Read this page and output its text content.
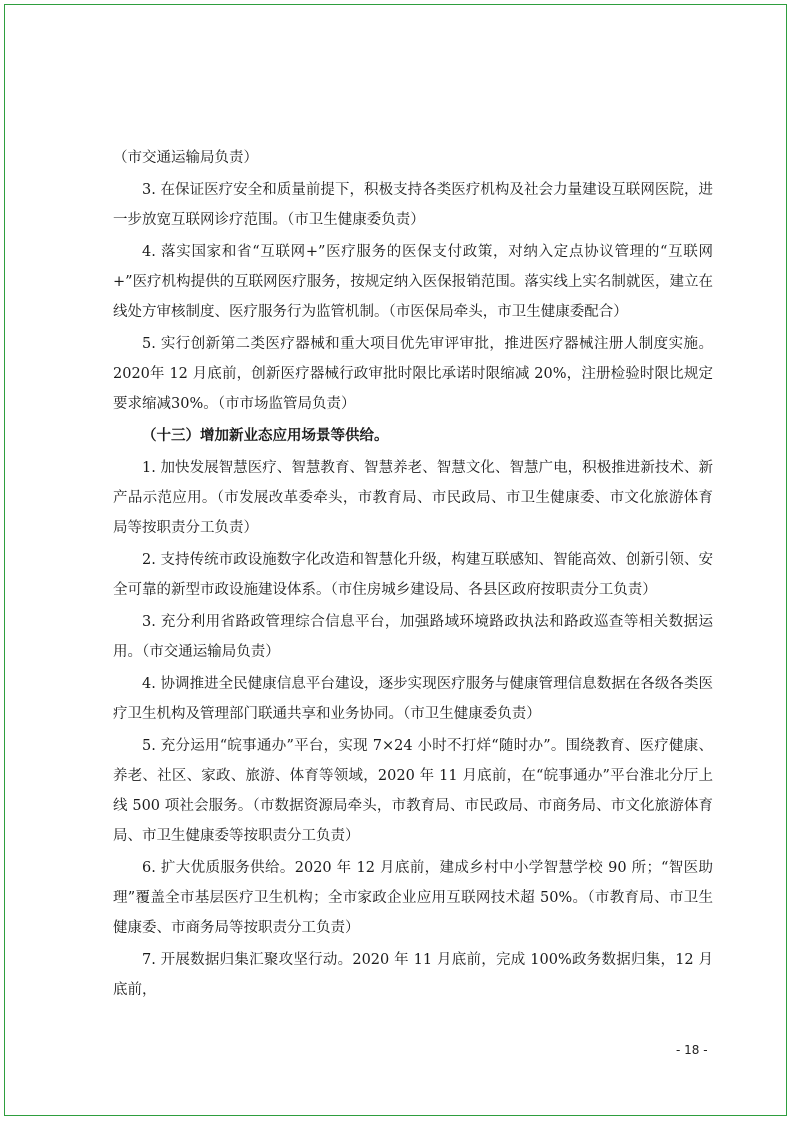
（市交通运输局负责）

3. 在保证医疗安全和质量前提下，积极支持各类医疗机构及社会力量建设互联网医院，进一步放宽互联网诊疗范围。（市卫生健康委负责）

4. 落实国家和省“互联网+”医疗服务的医保支付政策，对纳入定点协议管理的“互联网+”医疗机构提供的互联网医疗服务，按规定纳入医保报销范围。落实线上实名制就医，建立在线处方审核制度、医疗服务行为监管机制。（市医保局牵头，市卫生健康委配合）

5. 实行创新第二类医疗器械和重大项目优先审评审批，推进医疗器械注册人制度实施。2020年 12 月底前，创新医疗器械行政审批时限比承诺时限缩减 20%，注册检验时限比规定要求缩减30%。（市市场监管局负责）

（十三）增加新业态应用场景等供给。

1. 加快发展智慧医疗、智慧教育、智慧养老、智慧文化、智慧广电，积极推进新技术、新产品示范应用。（市发展改革委牵头，市教育局、市民政局、市卫生健康委、市文化旅游体育局等按职责分工负责）

2. 支持传统市政设施数字化改造和智慧化升级，构建互联感知、智能高效、创新引领、安全可靠的新型市政设施建设体系。（市住房城乡建设局、各县区政府按职责分工负责）

3. 充分利用省路政管理综合信息平台，加强路域环境路政执法和路政巡查等相关数据运用。（市交通运输局负责）

4. 协调推进全民健康信息平台建设，逐步实现医疗服务与健康管理信息数据在各级各类医疗卫生机构及管理部门联通共享和业务协同。（市卫生健康委负责）

5. 充分运用“皖事通办”平台，实现 7×24 小时不打烊“随时办”。围绕教育、医疗健康、养老、社区、家政、旅游、体育等领域，2020 年 11 月底前，在“皖事通办”平台淮北分厅上线 500 项社会服务。（市数据资源局牵头，市教育局、市民政局、市商务局、市文化旅游体育局、市卫生健康委等按职责分工负责）

6. 扩大优质服务供给。2020 年 12 月底前，建成乡村中小学智慧学校 90 所；“智医助理”覆盖全市基层医疗卫生机构；全市家政企业应用互联网技术超 50%。（市教育局、市卫生健康委、市商务局等按职责分工负责）

7. 开展数据归集汇聚攻坚行动。2020 年 11 月底前，完成 100%政务数据归集，12 月底前，

- 18 -
